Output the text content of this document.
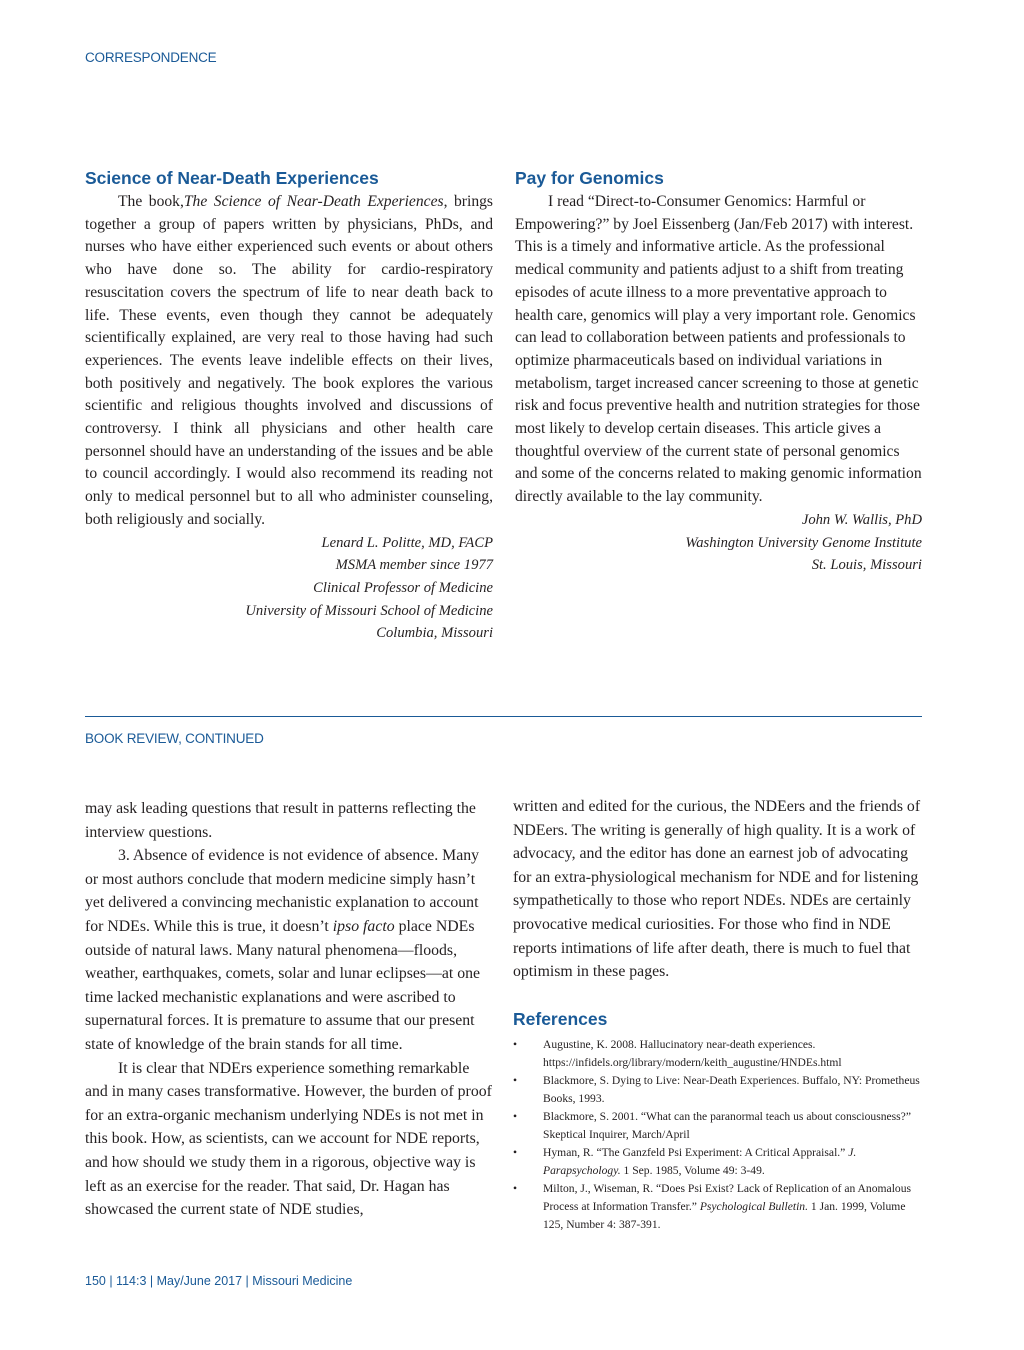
CORRESPONDENCE
Science of Near-Death Experiences

The book,The Science of Near-Death Experiences, brings together a group of papers written by physicians, PhDs, and nurses who have either experienced such events or about others who have done so. The ability for cardio-respiratory resuscitation covers the spectrum of life to near death back to life. These events, even though they cannot be adequately scientifically explained, are very real to those having had such experiences. The events leave indelible effects on their lives, both positively and negatively. The book explores the various scientific and religious thoughts involved and discussions of controversy. I think all physicians and other health care personnel should have an understanding of the issues and be able to council accordingly. I would also recommend its reading not only to medical personnel but to all who administer counseling, both religiously and socially.

Lenard L. Politte, MD, FACP
MSMA member since 1977
Clinical Professor of Medicine
University of Missouri School of Medicine
Columbia, Missouri
Pay for Genomics

I read “Direct-to-Consumer Genomics: Harmful or Empowering?” by Joel Eissenberg (Jan/Feb 2017) with interest. This is a timely and informative article. As the professional medical community and patients adjust to a shift from treating episodes of acute illness to a more preventative approach to health care, genomics will play a very important role. Genomics can lead to collaboration between patients and professionals to optimize pharmaceuticals based on individual variations in metabolism, target increased cancer screening to those at genetic risk and focus preventive health and nutrition strategies for those most likely to develop certain diseases. This article gives a thoughtful overview of the current state of personal genomics and some of the concerns related to making genomic information directly available to the lay community.

John W. Wallis, PhD
Washington University Genome Institute
St. Louis, Missouri
BOOK REVIEW, CONTINUED

may ask leading questions that result in patterns reflecting the interview questions.

3. Absence of evidence is not evidence of absence. Many or most authors conclude that modern medicine simply hasn’t yet delivered a convincing mechanistic explanation to account for NDEs. While this is true, it doesn’t ipso facto place NDEs outside of natural laws. Many natural phenomena—floods, weather, earthquakes, comets, solar and lunar eclipses—at one time lacked mechanistic explanations and were ascribed to supernatural forces. It is premature to assume that our present state of knowledge of the brain stands for all time.

It is clear that NDErs experience something remarkable and in many cases transformative. However, the burden of proof for an extra-organic mechanism underlying NDEs is not met in this book. How, as scientists, can we account for NDE reports, and how should we study them in a rigorous, objective way is left as an exercise for the reader. That said, Dr. Hagan has showcased the current state of NDE studies,

written and edited for the curious, the NDEers and the friends of NDEers. The writing is generally of high quality. It is a work of advocacy, and the editor has done an earnest job of advocating for an extra-physiological mechanism for NDE and for listening sympathetically to those who report NDEs. NDEs are certainly provocative medical curiosities. For those who find in NDE reports intimations of life after death, there is much to fuel that optimism in these pages.

References
• Augustine, K. 2008. Hallucinatory near-death experiences. https://infidels.org/library/modern/keith_augustine/HNDEs.html
• Blackmore, S. Dying to Live: Near-Death Experiences. Buffalo, NY: Prometheus Books, 1993.
• Blackmore, S. 2001. “What can the paranormal teach us about consciousness?” Skeptical Inquirer, March/April
• Hyman, R. “The Ganzfeld Psi Experiment: A Critical Appraisal.” J. Parapsychology. 1 Sep. 1985, Volume 49: 3-49.
• Milton, J., Wiseman, R. “Does Psi Exist? Lack of Replication of an Anomalous Process at Information Transfer.” Psychological Bulletin. 1 Jan. 1999, Volume 125, Number 4: 387-391.
150 | 114:3 | May/June 2017 | Missouri Medicine
